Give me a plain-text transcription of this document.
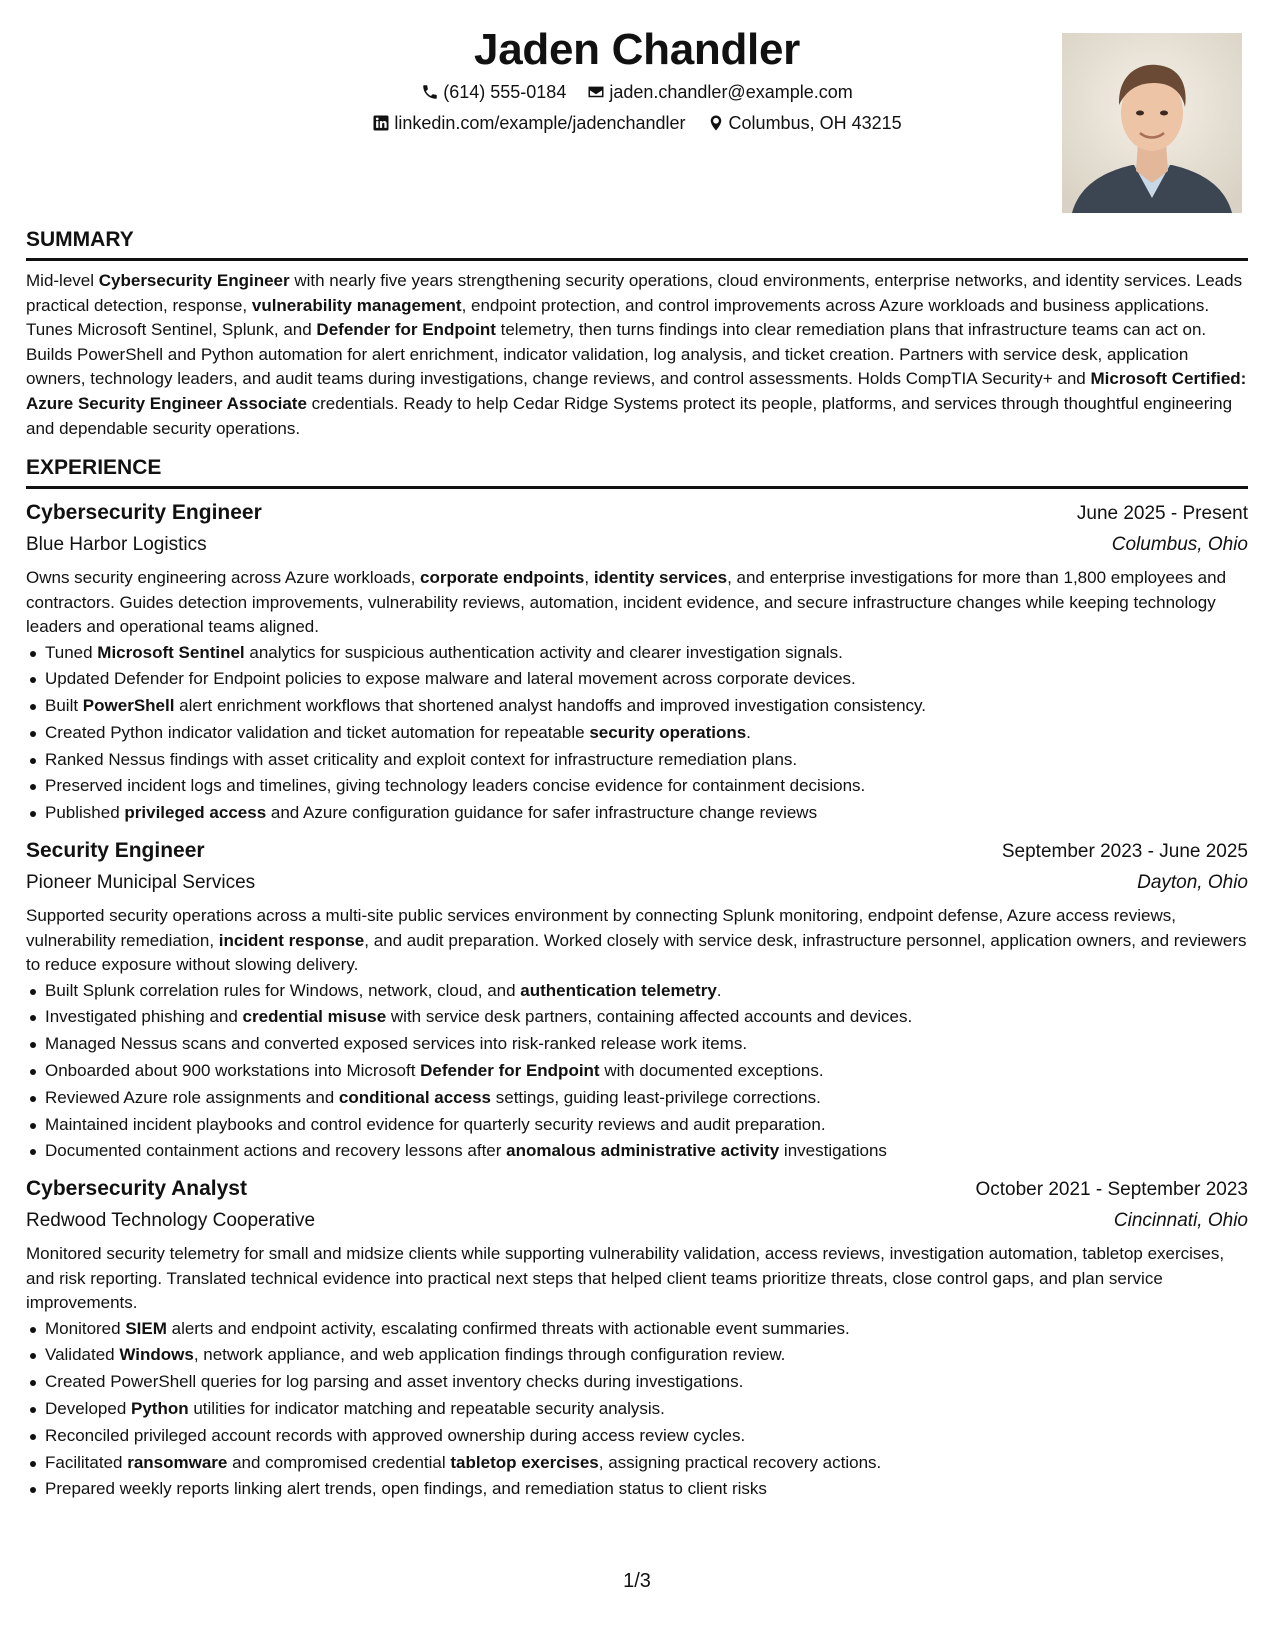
Jaden Chandler
(614) 555-0184
jaden.chandler@example.com
linkedin.com/example/jadenchandler
Columbus, OH 43215
SUMMARY

Mid-level Cybersecurity Engineer with nearly five years strengthening security operations, cloud environments, enterprise networks, and identity services. Leads practical detection, response, vulnerability management, endpoint protection, and control improvements across Azure workloads and business applications. Tunes Microsoft Sentinel, Splunk, and Defender for Endpoint telemetry, then turns findings into clear remediation plans that infrastructure teams can act on. Builds PowerShell and Python automation for alert enrichment, indicator validation, log analysis, and ticket creation. Partners with service desk, application owners, technology leaders, and audit teams during investigations, change reviews, and control assessments. Holds CompTIA Security+ and Microsoft Certified: Azure Security Engineer Associate credentials. Ready to help Cedar Ridge Systems protect its people, platforms, and services through thoughtful engineering and dependable security operations.

EXPERIENCE
Cybersecurity Engineer	June 2025 - Present
Blue Harbor Logistics	Columbus, Ohio

Owns security engineering across Azure workloads, corporate endpoints, identity services, and enterprise investigations for more than 1,800 employees and contractors. Guides detection improvements, vulnerability reviews, automation, incident evidence, and secure infrastructure changes while keeping technology leaders and operational teams aligned.

Tuned Microsoft Sentinel analytics for suspicious authentication activity and clearer investigation signals.
Updated Defender for Endpoint policies to expose malware and lateral movement across corporate devices.
Built PowerShell alert enrichment workflows that shortened analyst handoffs and improved investigation consistency.
Created Python indicator validation and ticket automation for repeatable security operations.
Ranked Nessus findings with asset criticality and exploit context for infrastructure remediation plans.
Preserved incident logs and timelines, giving technology leaders concise evidence for containment decisions.
Published privileged access and Azure configuration guidance for safer infrastructure change reviews
Security Engineer	September 2023 - June 2025
Pioneer Municipal Services	Dayton, Ohio

Supported security operations across a multi-site public services environment by connecting Splunk monitoring, endpoint defense, Azure access reviews, vulnerability remediation, incident response, and audit preparation. Worked closely with service desk, infrastructure personnel, application owners, and reviewers to reduce exposure without slowing delivery.

Built Splunk correlation rules for Windows, network, cloud, and authentication telemetry.
Investigated phishing and credential misuse with service desk partners, containing affected accounts and devices.
Managed Nessus scans and converted exposed services into risk-ranked release work items.
Onboarded about 900 workstations into Microsoft Defender for Endpoint with documented exceptions.
Reviewed Azure role assignments and conditional access settings, guiding least-privilege corrections.
Maintained incident playbooks and control evidence for quarterly security reviews and audit preparation.
Documented containment actions and recovery lessons after anomalous administrative activity investigations
Cybersecurity Analyst	October 2021 - September 2023
Redwood Technology Cooperative	Cincinnati, Ohio

Monitored security telemetry for small and midsize clients while supporting vulnerability validation, access reviews, investigation automation, tabletop exercises, and risk reporting. Translated technical evidence into practical next steps that helped client teams prioritize threats, close control gaps, and plan service improvements.

Monitored SIEM alerts and endpoint activity, escalating confirmed threats with actionable event summaries.
Validated Windows, network appliance, and web application findings through configuration review.
Created PowerShell queries for log parsing and asset inventory checks during investigations.
Developed Python utilities for indicator matching and repeatable security analysis.
Reconciled privileged account records with approved ownership during access review cycles.
Facilitated ransomware and compromised credential tabletop exercises, assigning practical recovery actions.
Prepared weekly reports linking alert trends, open findings, and remediation status to client risks
1/3
